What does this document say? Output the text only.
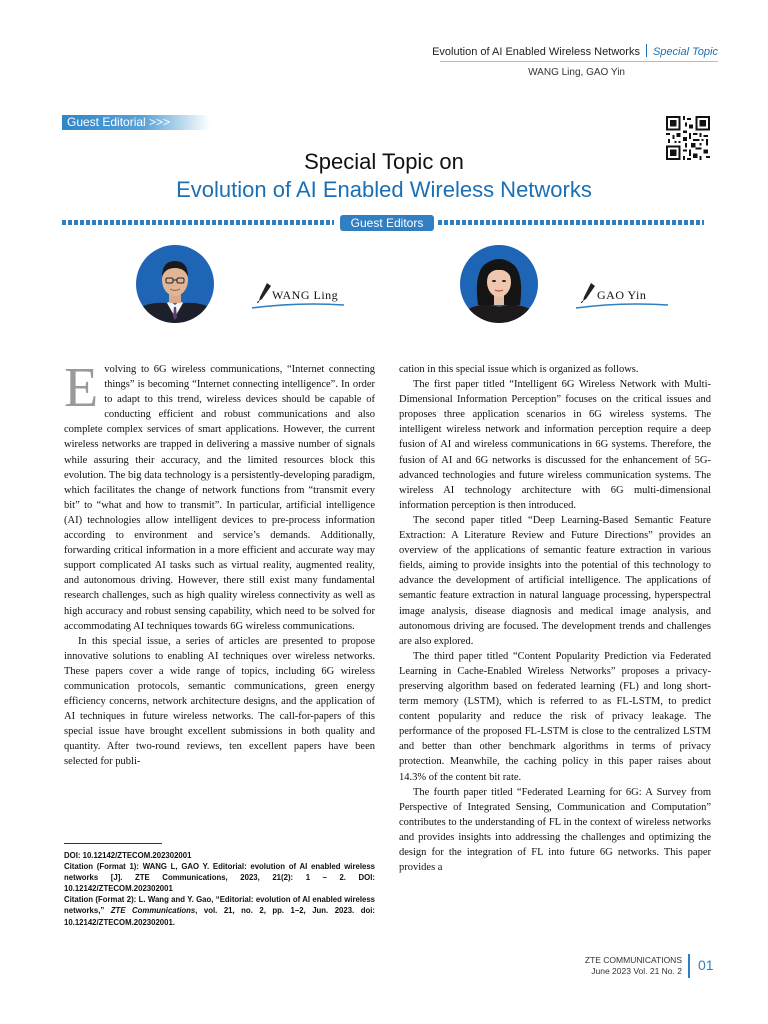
Evolution of AI Enabled Wireless Networks Special Topic
WANG Ling, GAO Yin
Guest Editorial >>>
Special Topic on
Evolution of AI Enabled Wireless Networks
Guest Editors
WANG Ling	GAO Yin

Evolving to 6G wireless communications, “Internet connecting things” is becoming “Internet connecting intelligence”. In order to adapt to this trend, wireless devices should be capable of conducting efficient and robust communications and also complete complex services of smart applications. However, the current wireless networks are trapped in delivering a massive number of signals while assuring their accuracy, and the limited resources block this evolution. The big data technology is a persistently-developing paradigm, which facilitates the change of network functions from “transmit every bit” to “what and how to transmit”. In particular, artificial intelligence (AI) technologies allow intelligent devices to pre-process information according to environment and service’s demands. Additionally, forwarding critical information in a more efficient and accurate way may support complicated AI tasks such as virtual reality, augmented reality, and autonomous driving. However, there still exist many fundamental research challenges, such as high quality wireless connectivity as well as high accuracy and robust sensing capability, which need to be solved for accommodating AI techniques towards 6G wireless communications.

In this special issue, a series of articles are presented to propose innovative solutions to enabling AI techniques over wireless networks. These papers cover a wide range of topics, including 6G wireless communication protocols, semantic communications, green energy efficiency concerns, network architecture designs, and the application of AI techniques in future wireless networks. The call-for-papers of this special issue have brought excellent submissions in both quality and quantity. After two-round reviews, ten excellent papers have been selected for publi-

cation in this special issue which is organized as follows.

The first paper titled “Intelligent 6G Wireless Network with Multi-Dimensional Information Perception” focuses on the critical issues and proposes three application scenarios in 6G wireless systems. The intelligent wireless network and information perception require a deep fusion of AI and wireless communications in 6G systems. Therefore, the fusion of AI and 6G networks is discussed for the enhancement of 5G-advanced technologies and future wireless communication systems. The wireless AI technology architecture with 6G multi-dimensional information perception is then introduced.

The second paper titled “Deep Learning-Based Semantic Feature Extraction: A Literature Review and Future Directions” provides an overview of the applications of semantic feature extraction in various fields, aiming to provide insights into the potential of this technology to advance the development of artificial intelligence. The applications of semantic feature extraction in natural language processing, hyperspectral image analysis, disease diagnosis and medical image analysis, and autonomous driving are focused. The development trends and challenges are also explored.

The third paper titled “Content Popularity Prediction via Federated Learning in Cache-Enabled Wireless Networks” proposes a privacy-preserving algorithm based on federated learning (FL) and long short-term memory (LSTM), which is referred to as FL-LSTM, to predict content popularity and reduce the risk of privacy leakage. The performance of the proposed FL-LSTM is close to the centralized LSTM and better than other benchmark algorithms in terms of privacy protection. Meanwhile, the caching policy in this paper raises about 14.3% of the content bit rate.

The fourth paper titled “Federated Learning for 6G: A Survey from Perspective of Integrated Sensing, Communication and Computation” contributes to the understanding of FL in the context of wireless networks and provides insights into addressing the challenges and optimizing the design for the integration of FL into future 6G networks. This paper provides a

DOI: 10.12142/ZTECOM.202302001

Citation (Format 1): WANG L, GAO Y. Editorial: evolution of AI enabled wireless networks [J]. ZTE Communications, 2023, 21(2): 1 – 2. DOI: 10.12142/ZTECOM.202302001

Citation (Format 2): L. Wang and Y. Gao, “Editorial: evolution of AI enabled wireless networks,” ZTE Communications, vol. 21, no. 2, pp. 1–2, Jun. 2023. doi: 10.12142/ZTECOM.202302001.

ZTE COMMUNICATIONS
June 2023 Vol. 21 No. 2 01
